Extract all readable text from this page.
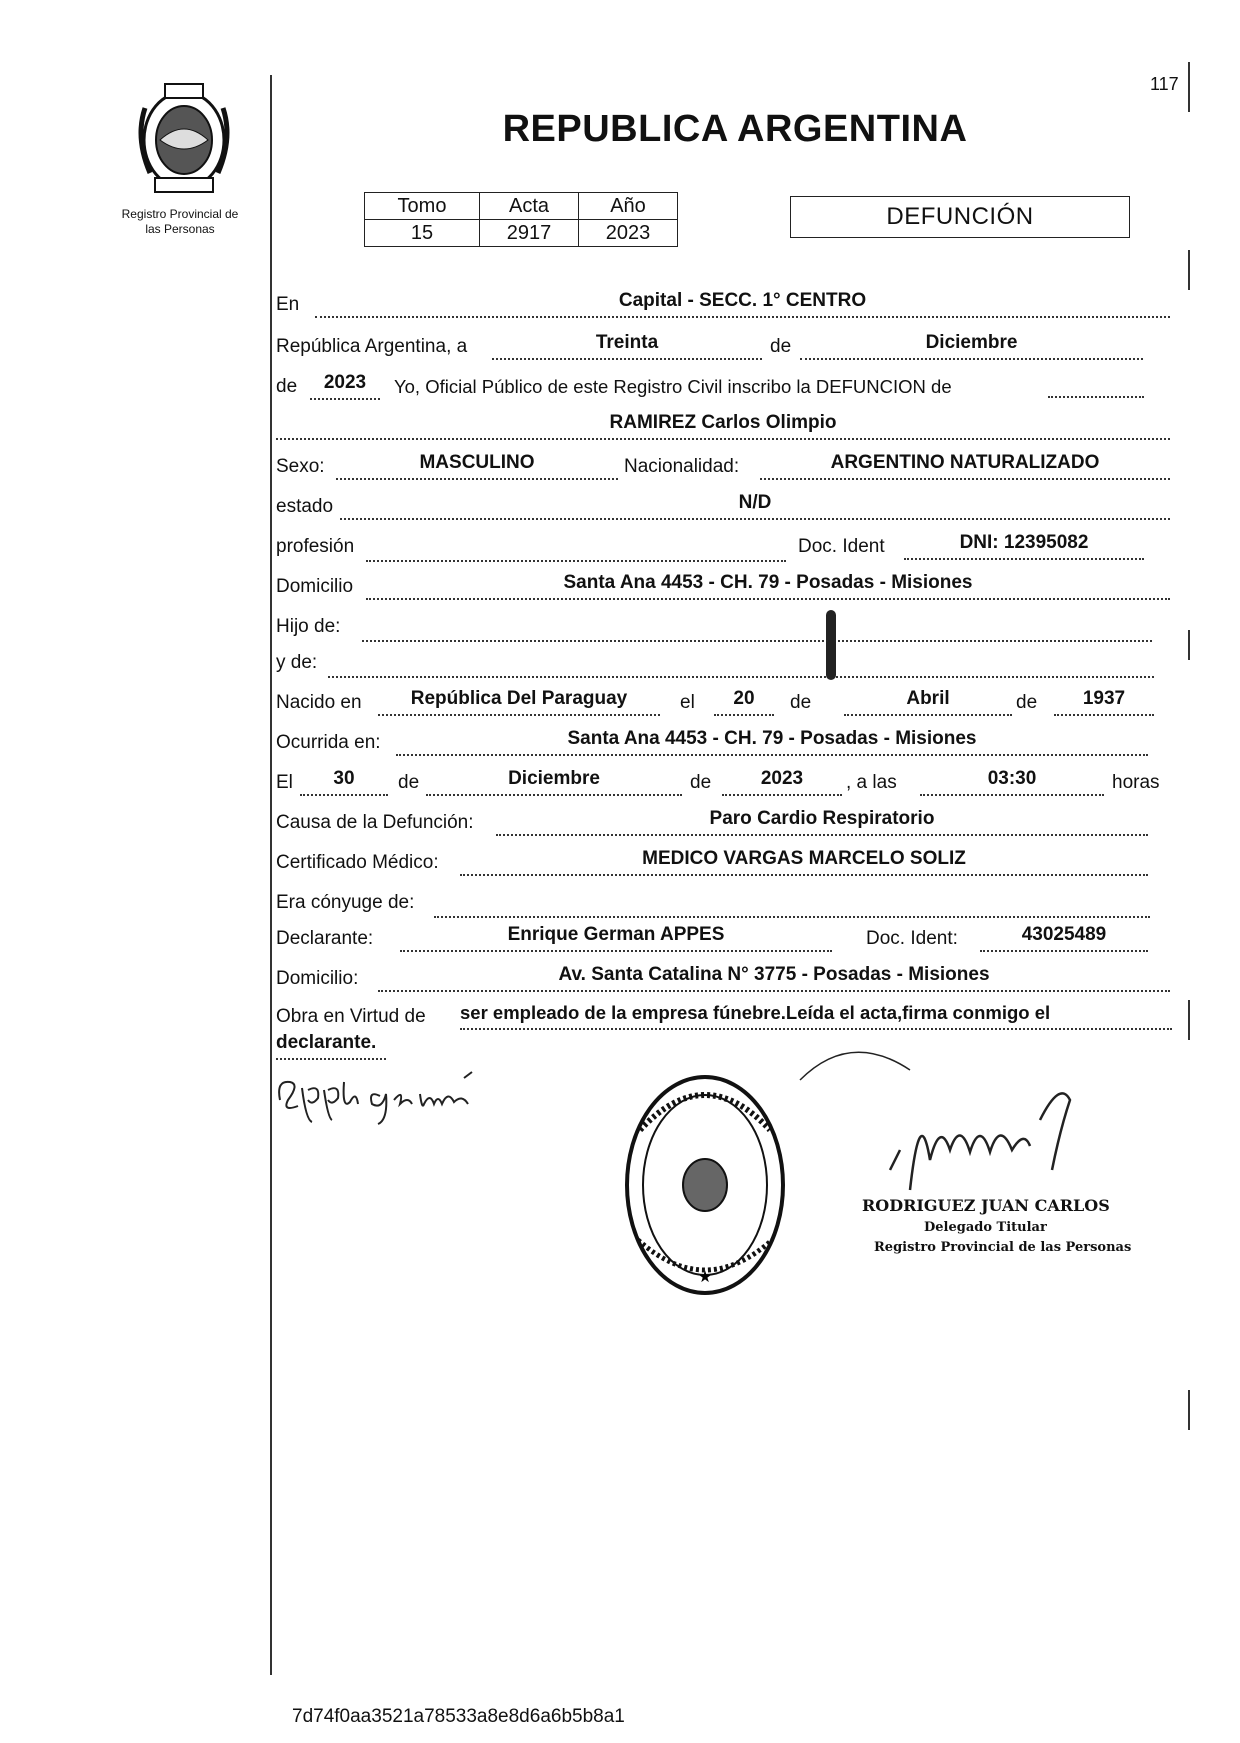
Registro Provincial de
las Personas
117
REPUBLICA ARGENTINA
Tomo	Acta	Año
15	2917	2023
DEFUNCIÓN
En	Capital - SECC. 1° CENTRO
República Argentina, a	Treinta	de	Diciembre
de	2023	Yo, Oficial Público de este Registro Civil inscribo la DEFUNCION de
RAMIREZ Carlos Olimpio
Sexo:	MASCULINO	Nacionalidad:	ARGENTINO NATURALIZADO
estado	N/D
profesión	Doc. Ident	DNI: 12395082
Domicilio	Santa Ana 4453 - CH. 79 - Posadas - Misiones
Hijo de:
y de:
Nacido en	República Del Paraguay	el	20	de	Abril	de	1937
Ocurrida en:	Santa Ana 4453 - CH. 79 - Posadas - Misiones
El	30	de	Diciembre	de	2023	, a las	03:30	horas
Causa de la Defunción:	Paro Cardio Respiratorio
Certificado Médico:	MEDICO VARGAS MARCELO SOLIZ
Era cónyuge de:
Declarante:	Enrique German APPES	Doc. Ident:	43025489
Domicilio:	Av. Santa Catalina N° 3775 - Posadas - Misiones
Obra en Virtud de ser empleado de la empresa fúnebre.Leída el acta,firma conmigo el
declarante.
★
RODRIGUEZ JUAN CARLOS
Delegado Titular
Registro Provincial de las Personas
7d74f0aa3521a78533a8e8d6a6b5b8a1
